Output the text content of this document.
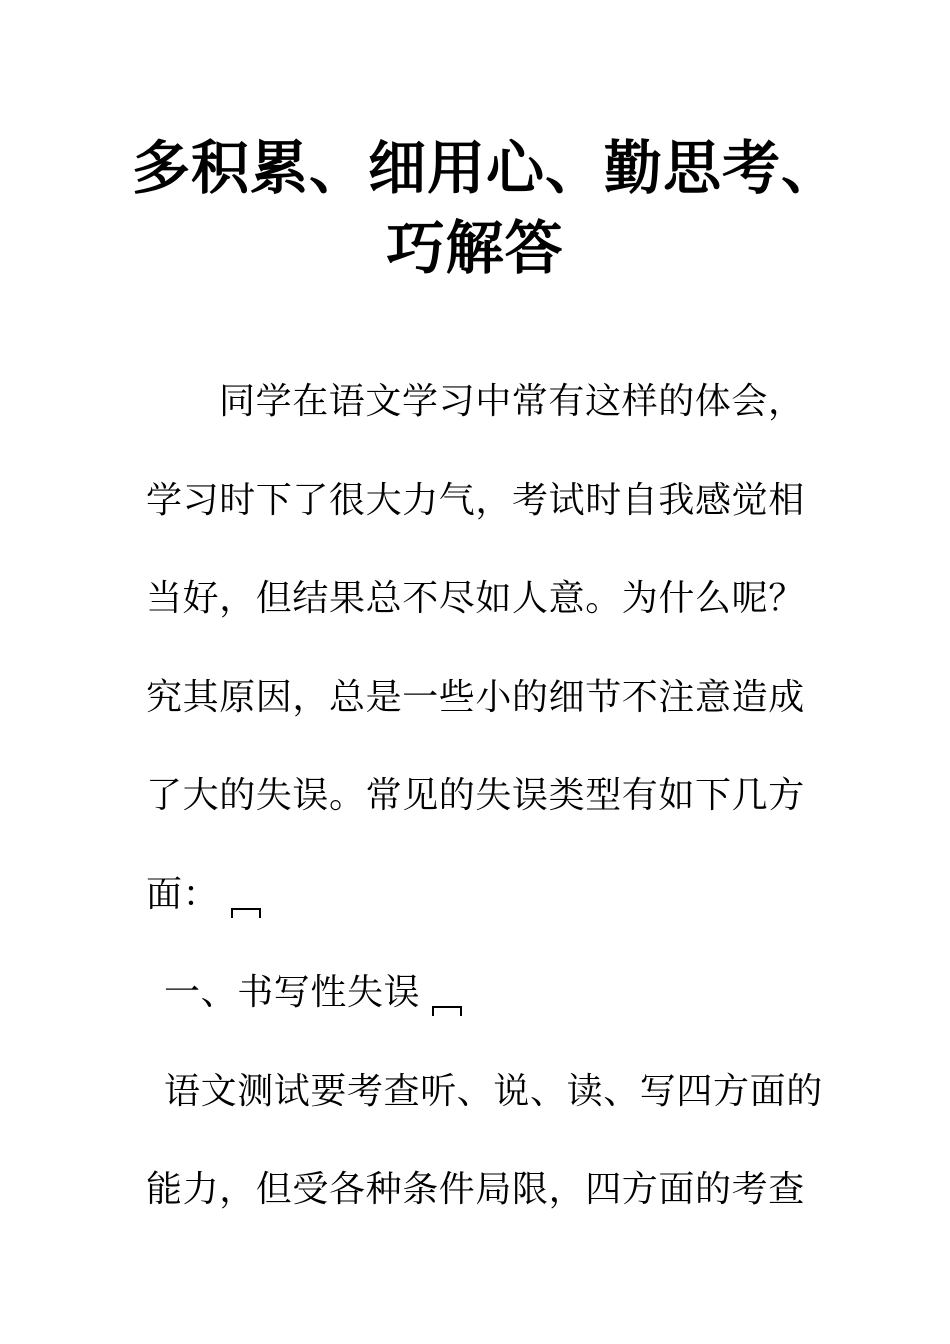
多积累、细用心、勤思考、
巧解答
同学在语文学习中常有这样的体会，
学习时下了很大力气，考试时自我感觉相
当好，但结果总不尽如人意。为什么呢？
究其原因，总是一些小的细节不注意造成
了大的失误。常见的失误类型有如下几方
面：
一、书写性失误
语文测试要考查听、说、读、写四方面的
能力，但受各种条件局限，四方面的考查
